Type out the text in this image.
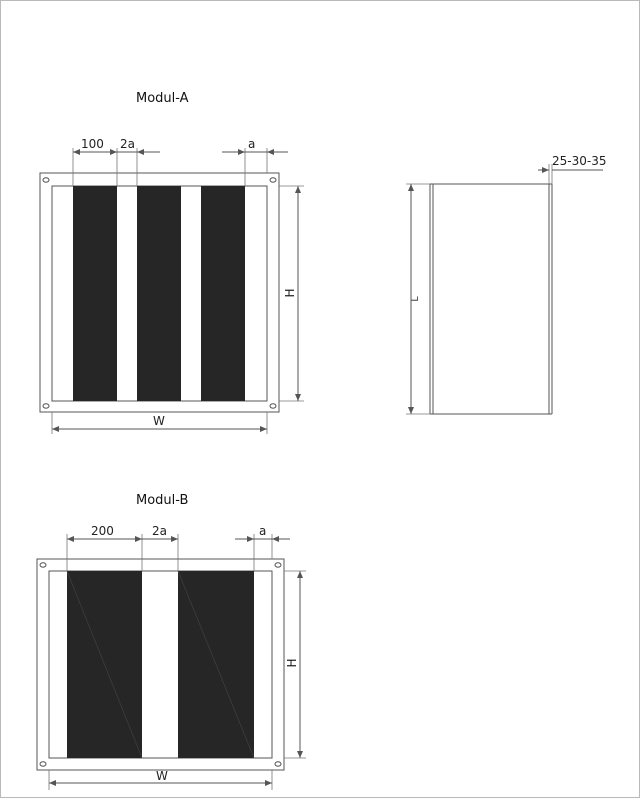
Modul-A
100 2a	a
H
W
L
25-30-35
Modul-B
200	2a	a
H
W
